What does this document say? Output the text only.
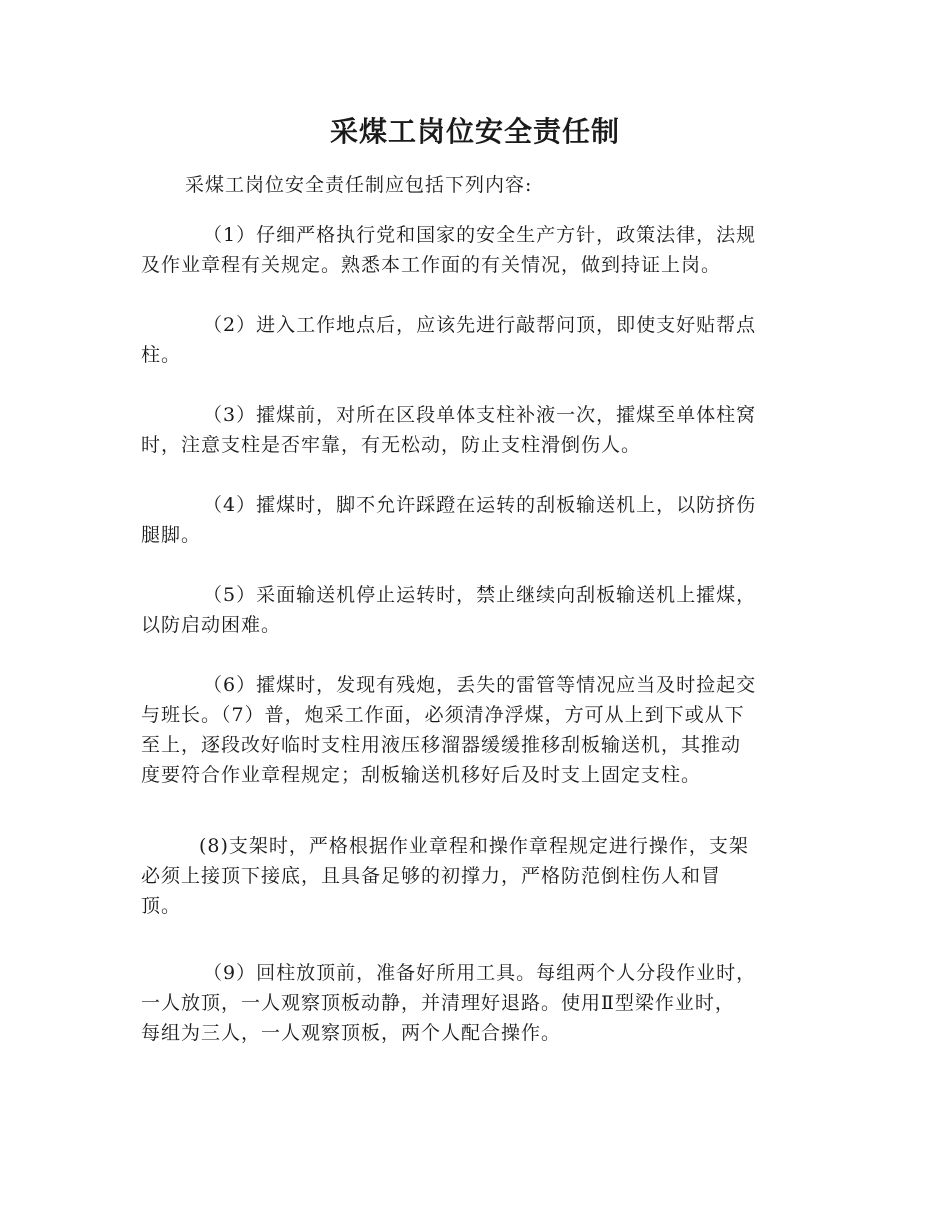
采煤工岗位安全责任制
采煤工岗位安全责任制应包括下列内容:
（1）仔细严格执行党和国家的安全生产方针，政策法律，法规
及作业章程有关规定。熟悉本工作面的有关情况，做到持证上岗。
（2）进入工作地点后，应该先进行敲帮问顶，即使支好贴帮点
柱。
（3）攉煤前，对所在区段单体支柱补液一次，攉煤至单体柱窝
时，注意支柱是否牢靠，有无松动，防止支柱滑倒伤人。
（4）攉煤时，脚不允许踩蹬在运转的刮板输送机上，以防挤伤
腿脚。
（5）采面输送机停止运转时，禁止继续向刮板输送机上攉煤，
以防启动困难。
（6）攉煤时，发现有残炮，丢失的雷管等情况应当及时捡起交
与班长。（7）普，炮采工作面，必须清净浮煤，方可从上到下或从下
至上，逐段改好临时支柱用液压移溜器缓缓推移刮板输送机，其推动
度要符合作业章程规定；刮板输送机移好后及时支上固定支柱。
(8)支架时，严格根据作业章程和操作章程规定进行操作，支架
必须上接顶下接底，且具备足够的初撑力，严格防范倒柱伤人和冒
顶。
（9）回柱放顶前，准备好所用工具。每组两个人分段作业时，
一人放顶，一人观察顶板动静，并清理好退路。使用Ⅱ型梁作业时，
每组为三人，一人观察顶板，两个人配合操作。
